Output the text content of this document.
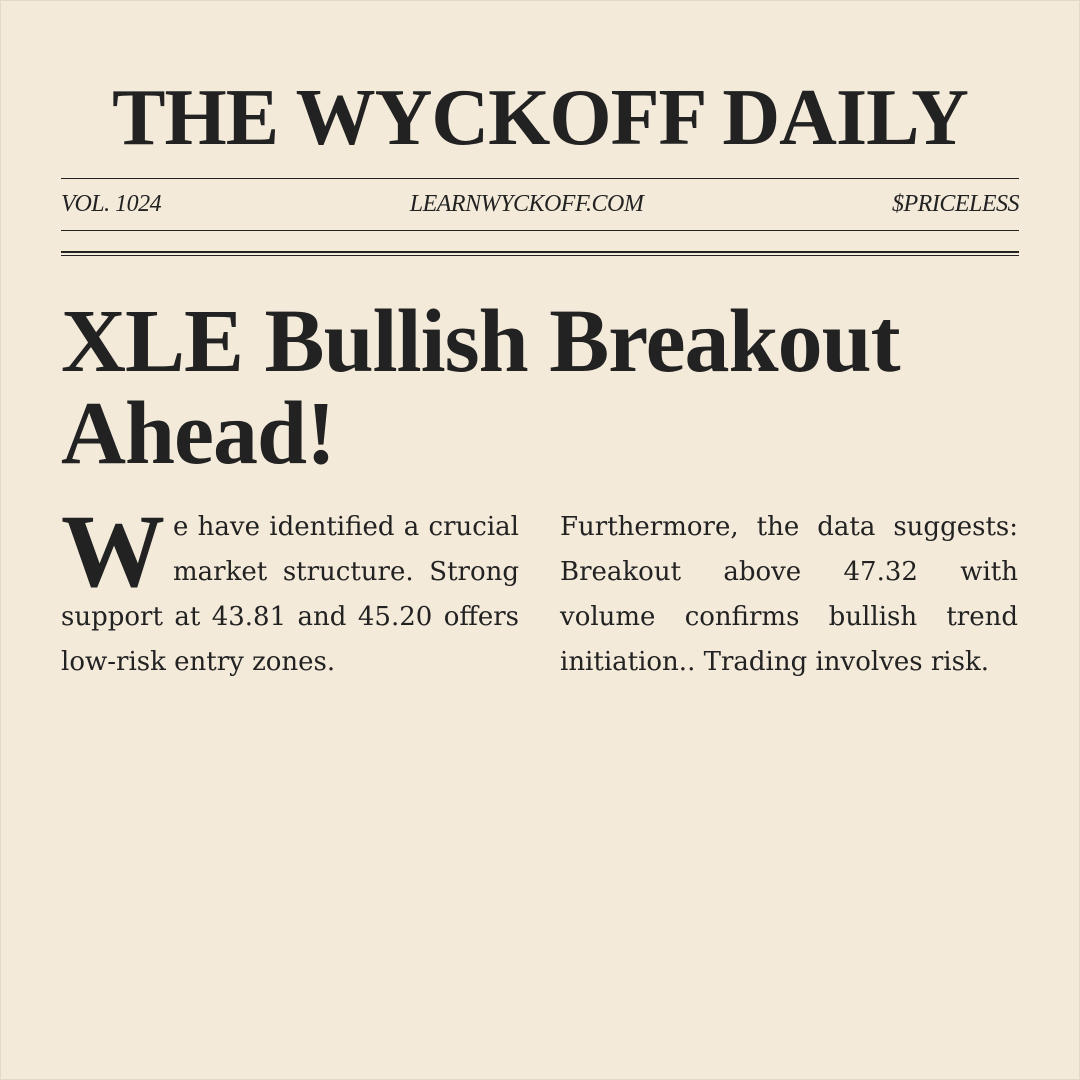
THE WYCKOFF DAILY
VOL. 1024	LEARNWYCKOFF.COM	$PRICELESS
XLE Bullish Breakout Ahead!
W e have identified a crucial market structure. Strong support at 43.81 and 45.20 offers low-risk entry zones.
Furthermore, the data suggests: Breakout above 47.32 with volume confirms bullish trend initiation.. Trading involves risk.
